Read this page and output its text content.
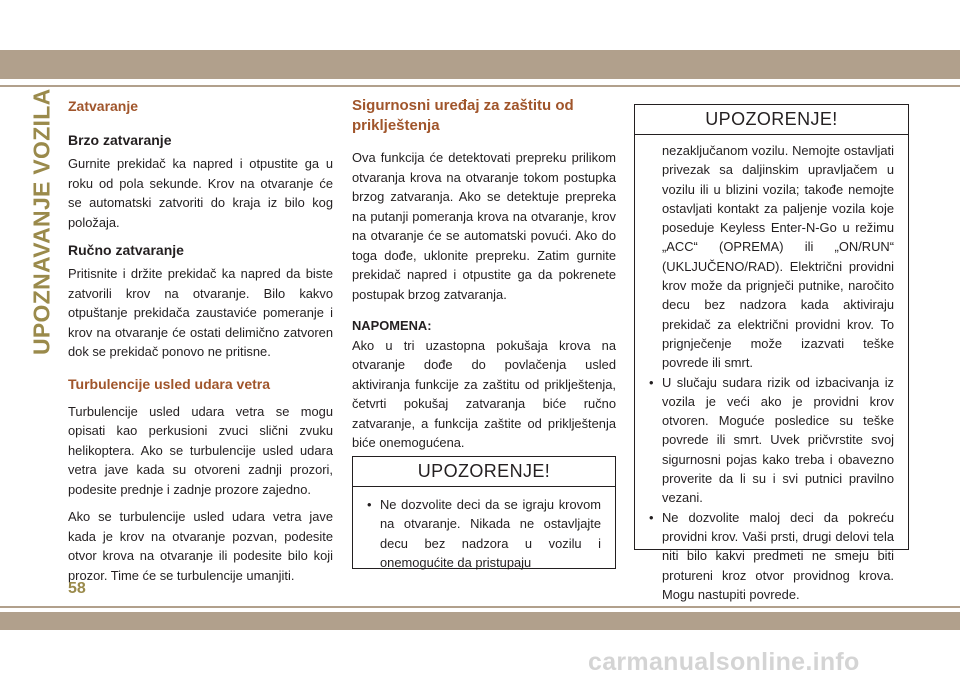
UPOZNAVANJE VOZILA Zatvaranje
Brzo zatvaranje

Gurnite prekidač ka napred i otpustite ga u roku od pola sekunde. Krov na otvaranje će se automatski zatvoriti do kraja iz bilo kog položaja.

Ručno zatvaranje

Pritisnite i držite prekidač ka napred da biste zatvorili krov na otvaranje. Bilo kakvo otpuštanje prekidača zaustaviće pomeranje i krov na otvaranje će ostati delimično zatvoren dok se prekidač ponovo ne pritisne.

Turbulencije usled udara vetra

Turbulencije usled udara vetra se mogu opisati kao perkusioni zvuci slični zvuku helikoptera. Ako se turbulencije usled udara vetra jave kada su otvoreni zadnji prozori, podesite prednje i zadnje prozore zajedno.

Ako se turbulencije usled udara vetra jave kada je krov na otvaranje pozvan, podesite otvor krova na otvaranje ili podesite bilo koji prozor. Time će se turbulencije umanjiti.

Sigurnosni uređaj za zaštitu od priklještenja

Ova funkcija će detektovati prepreku prilikom otvaranja krova na otvaranje tokom postupka brzog zatvaranja. Ako se detektuje prepreka na putanji pomeranja krova na otvaranje, krov na otvaranje će se automatski povući. Ako do toga dođe, uklonite prepreku. Zatim gurnite prekidač napred i otpustite ga da pokrenete postupak brzog zatvaranja.

NAPOMENA:

Ako u tri uzastopna pokušaja krova na otvaranje dođe do povlačenja usled aktiviranja funkcije za zaštitu od priklještenja, četvrti pokušaj zatvaranja biće ručno zatvaranje, a funkcija zaštite od priklještenja biće onemogućena.

UPOZORENJE!
• Ne dozvolite deci da se igraju krovom na otvaranje. Nikada ne ostavljajte decu bez nadzora u vozilu i onemogućite da pristupaju
UPOZORENJE!
nezaključanom vozilu. Nemojte ostavljati privezak sa daljinskim upravljačem u vozilu ili u blizini vozila; takođe nemojte ostavljati kontakt za paljenje vozila koje poseduje Keyless Enter-N-Go u režimu „ACC“ (OPREMA) ili „ON/RUN“ (UKLJUČENO/RAD). Električni providni krov može da prignječi putnike, naročito decu bez nadzora kada aktiviraju prekidač za električni providni krov. To prignječenje može izazvati teške povrede ili smrt.
• U slučaju sudara rizik od izbacivanja iz vozila je veći ako je providni krov otvoren. Moguće posledice su teške povrede ili smrt. Uvek pričvrstite svoj sigurnosni pojas kako treba i obavezno proverite da li su i svi putnici pravilno vezani.
• Ne dozvolite maloj deci da pokreću providni krov. Vaši prsti, drugi delovi tela niti bilo kakvi predmeti ne smeju biti protureni kroz otvor providnog krova. Mogu nastupiti povrede.
58
carmanualsonline.info
